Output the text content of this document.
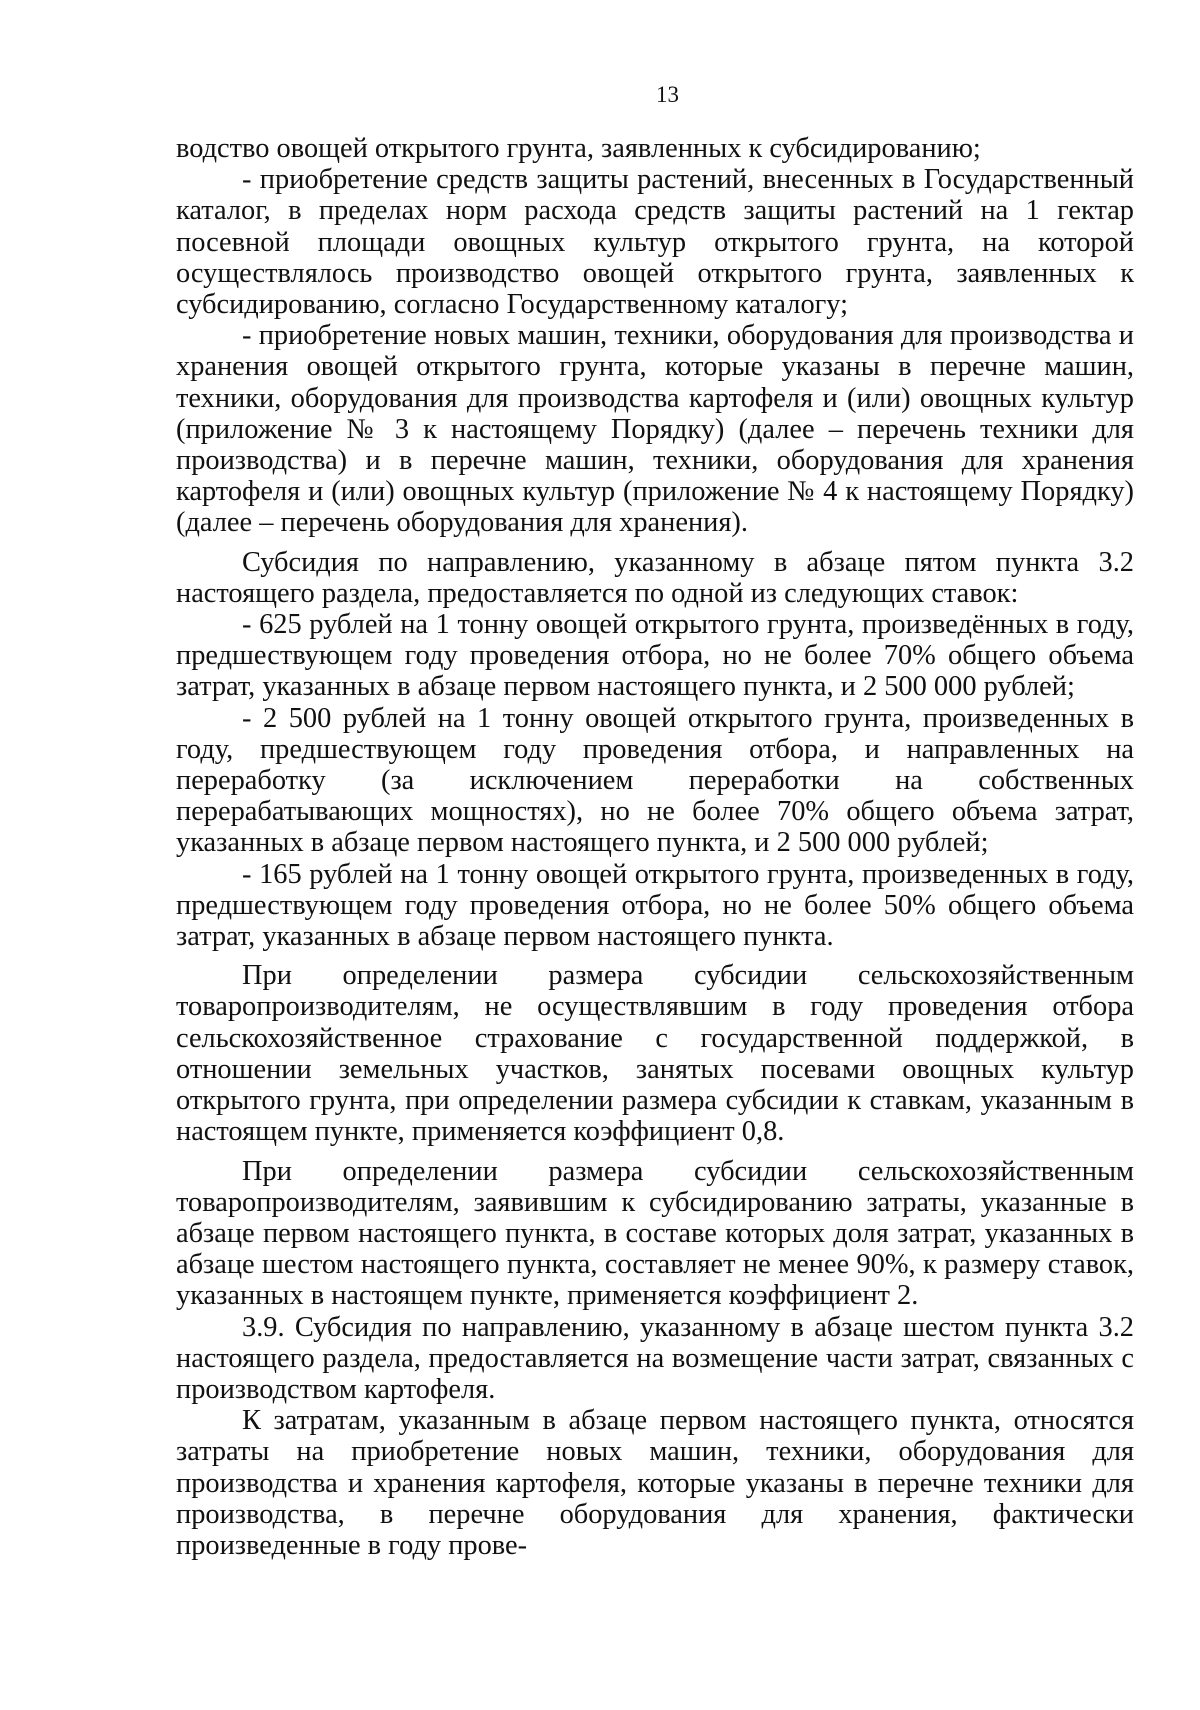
13

водство овощей открытого грунта, заявленных к субсидированию;

- приобретение средств защиты растений, внесенных в Государственный каталог, в пределах норм расхода средств защиты растений на 1 гектар посевной площади овощных культур открытого грунта, на которой осуществлялось производство овощей открытого грунта, заявленных к субсидированию, согласно Государственному каталогу;

- приобретение новых машин, техники, оборудования для производства и хранения овощей открытого грунта, которые указаны в перечне машин, техники, оборудования для производства картофеля и (или) овощных культур (приложение № 3 к настоящему Порядку) (далее – перечень техники для производства) и в перечне машин, техники, оборудования для хранения картофеля и (или) овощных культур (приложение № 4 к настоящему Порядку) (далее – перечень оборудования для хранения).

Субсидия по направлению, указанному в абзаце пятом пункта 3.2 настоящего раздела, предоставляется по одной из следующих ставок:

- 625 рублей на 1 тонну овощей открытого грунта, произведённых в году, предшествующем году проведения отбора, но не более 70% общего объема затрат, указанных в абзаце первом настоящего пункта, и 2 500 000 рублей;

- 2 500 рублей на 1 тонну овощей открытого грунта, произведенных в году, предшествующем году проведения отбора, и направленных на переработку (за исключением переработки на собственных перерабатывающих мощностях), но не более 70% общего объема затрат, указанных в абзаце первом настоящего пункта, и 2 500 000 рублей;

- 165 рублей на 1 тонну овощей открытого грунта, произведенных в году, предшествующем году проведения отбора, но не более 50% общего объема затрат, указанных в абзаце первом настоящего пункта.

При определении размера субсидии сельскохозяйственным товаропроизводителям, не осуществлявшим в году проведения отбора сельскохозяйственное страхование с государственной поддержкой, в отношении земельных участков, занятых посевами овощных культур открытого грунта, при определении размера субсидии к ставкам, указанным в настоящем пункте, применяется коэффициент 0,8.

При определении размера субсидии сельскохозяйственным товаропроизводителям, заявившим к субсидированию затраты, указанные в абзаце первом настоящего пункта, в составе которых доля затрат, указанных в абзаце шестом настоящего пункта, составляет не менее 90%, к размеру ставок, указанных в настоящем пункте, применяется коэффициент 2.

3.9. Субсидия по направлению, указанному в абзаце шестом пункта 3.2 настоящего раздела, предоставляется на возмещение части затрат, связанных с производством картофеля.

К затратам, указанным в абзаце первом настоящего пункта, относятся затраты на приобретение новых машин, техники, оборудования для производства и хранения картофеля, которые указаны в перечне техники для производства, в перечне оборудования для хранения, фактически произведенные в году прове-
